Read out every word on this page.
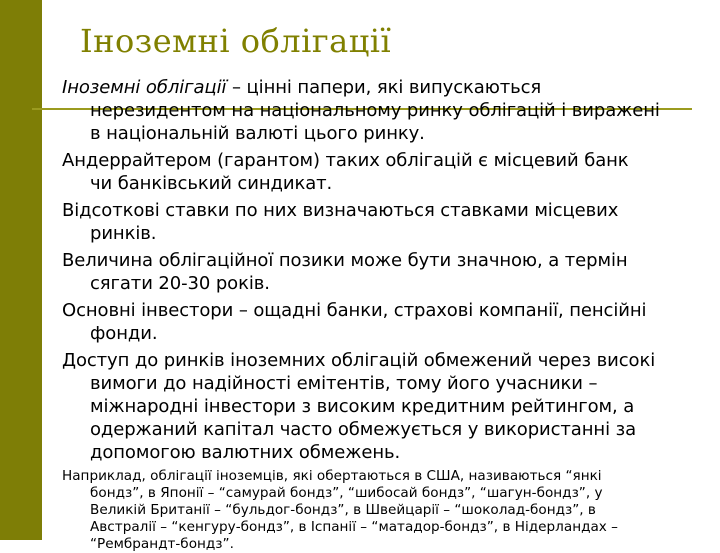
Іноземні облігації
Іноземні облігації – цінні папери, які випускаються
нерезидентом на національному ринку облігацій і виражені
в національній валюті цього ринку.
Андеррайтером (гарантом) таких облігацій є місцевий банк
чи банківський синдикат.
Відсоткові ставки по них визначаються ставками місцевих
ринків.
Величина облігаційної позики може бути значною, а термін
сягати 20-30 років.
Основні інвестори – ощадні банки, страхові компанії, пенсійні
фонди.
Доступ до ринків іноземних облігацій обмежений через високі
вимоги до надійності емітентів, тому його учасники –
міжнародні інвестори з високим кредитним рейтингом, а
одержаний капітал часто обмежується у використанні за
допомогою валютних обмежень.
Наприклад, облігації іноземців, які обертаються в США, називаються “янкі
бондз”, в Японії – “самурай бондз”, “шибосай бондз”, “шагун-бондз”, у
Великій Британії – “бульдог-бондз”, в Швейцарії – “шоколад-бондз”, в
Австралії – “кенгуру-бондз”, в Іспанії – “матадор-бондз”, в Нідерландах –
“Рембрандт-бондз”.
